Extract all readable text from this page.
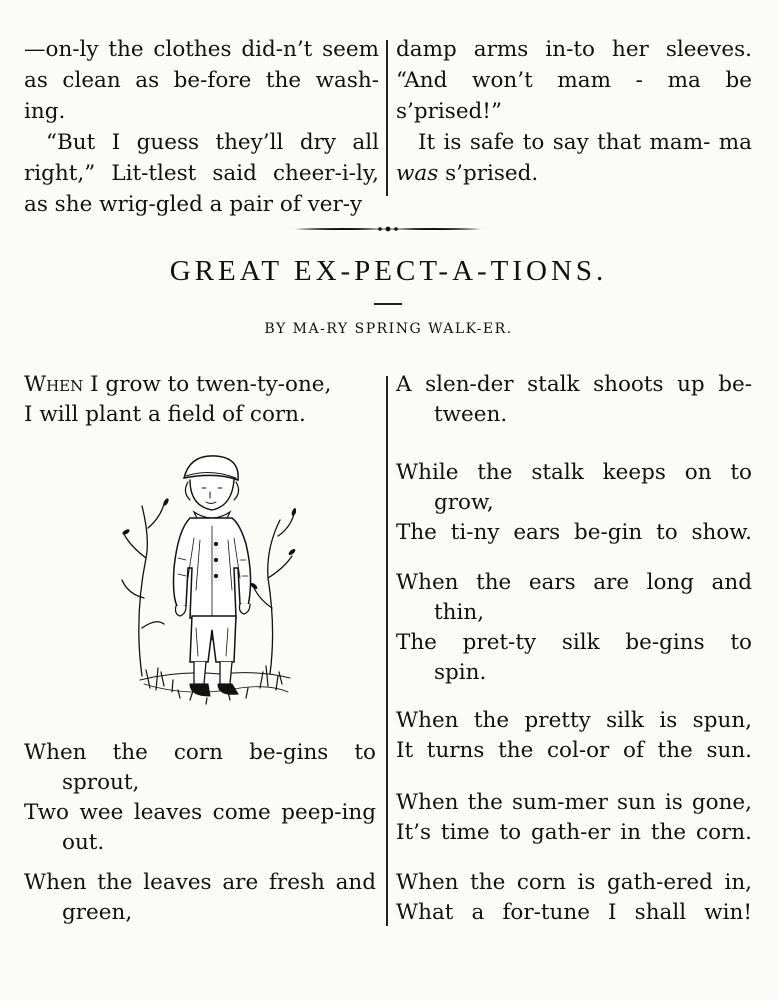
—on-ly the clothes did-n’t seem as clean as be-fore the wash-ing.

“But I guess they’ll dry all right,” Lit-tlest said cheer-i-ly, as she wrig-gled a pair of ver-y

damp arms in-to her sleeves. “And won’t mam - ma be s’prised!”

It is safe to say that mam- ma was s’prised.

GREAT EX-PECT-A-TIONS.
BY MA-RY SPRING WALK-ER.
When I grow to twen-ty-one,
I will plant a field of corn.
When the corn be-gins to
sprout,
Two wee leaves come peep-ing
out.
When the leaves are fresh and
green,
A slen-der stalk shoots up be-
tween.
While the stalk keeps on to
grow,
The ti-ny ears be-gin to show.
When the ears are long and
thin,
The pret-ty silk be-gins to
spin.
When the pretty silk is spun,
It turns the col-or of the sun.
When the sum-mer sun is gone,
It’s time to gath-er in the corn.
When the corn is gath-ered in,
What a for-tune I shall win!
